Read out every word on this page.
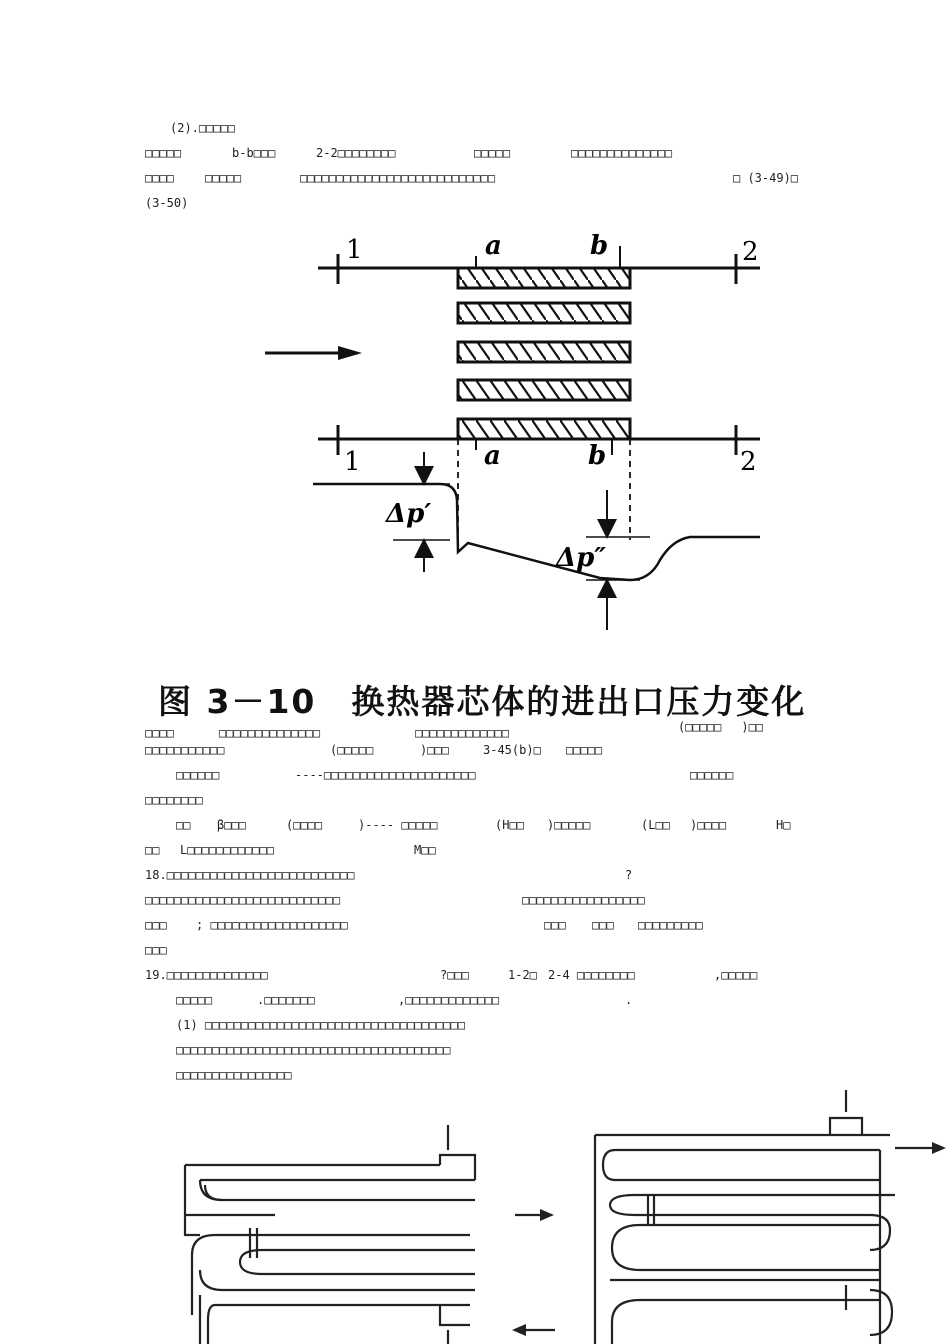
(2).□□□□□
□□□□□	b-b□□□	2-2□□□□□□□□	□□□□□	□□□□□□□□□□□□□□
□□□□	□□□□□	□□□□□□□□□□□□□□□□□□□□□□□□□□□	□ (3-49)□
(3-50)

□□□□	□□□□□□□□□□□□□□	□□□□□□□□□□□□□	(□□□□□ )□□
□□□□□□□□□□□	(□□□□□	)□□□	3-45(b)□ □□□□□
□□□□□□	----□□□□□□□□□□□□□□□□□□□□□	□□□□□□
□□□□□□□□
□□ β□□□	(□□□□	)---- □□□□□	(H□□ )□□□□□	(L□□ )□□□□	H□
□□ L□□□□□□□□□□□□	M□□
18.□□□□□□□□□□□□□□□□□□□□□□□□□□	?
□□□□□□□□□□□□□□□□□□□□□□□□□□□	□□□□□□□□□□□□□□□□□
□□□ ; □□□□□□□□□□□□□□□□□□□	□□□ □□□ □□□□□□□□□
□□□
19.□□□□□□□□□□□□□□	?□□□	1-2□ 2-4 □□□□□□□□	,□□□□□
□□□□□	.□□□□□□□	,□□□□□□□□□□□□□	.
(1) □□□□□□□□□□□□□□□□□□□□□□□□□□□□□□□□□□□□
□□□□□□□□□□□□□□□□□□□□□□□□□□□□□□□□□□□□□□
□□□□□□□□□□□□□□□□
1	a	b	2
1	a	b	2
Δp′
Δp″
图 3－10　换热器芯体的进出口压力变化
